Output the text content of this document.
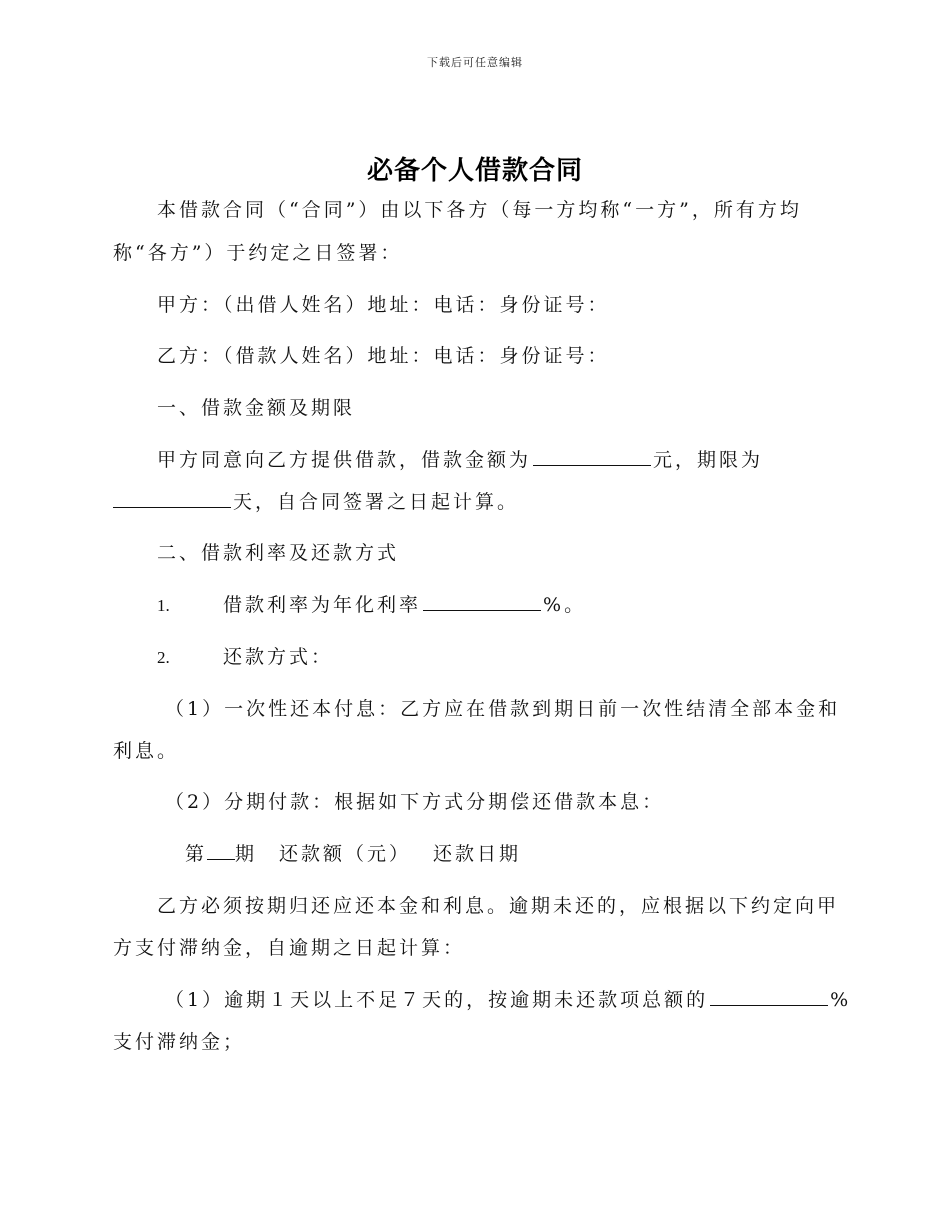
下载后可任意编辑
必备个人借款合同
本借款合同（“合同”）由以下各方（每一方均称“一方”，所有方均
称“各方”）于约定之日签署：
甲方：（出借人姓名）地址：电话：身份证号：
乙方：（借款人姓名）地址：电话：身份证号：
一、借款金额及期限
甲方同意向乙方提供借款，借款金额为	元，期限为
天，自合同签署之日起计算。
二、借款利率及还款方式
1.	借款利率为年化利率	%。
2.	还款方式：
（1）一次性还本付息：乙方应在借款到期日前一次性结清全部本金和
利息。
（2）分期付款：根据如下方式分期偿还借款本息：
第 期 还款额（元） 还款日期
乙方必须按期归还应还本金和利息。逾期未还的，应根据以下约定向甲
方支付滞纳金，自逾期之日起计算：
（1）逾期１天以上不足７天的，按逾期未还款项总额的	%
支付滞纳金；
